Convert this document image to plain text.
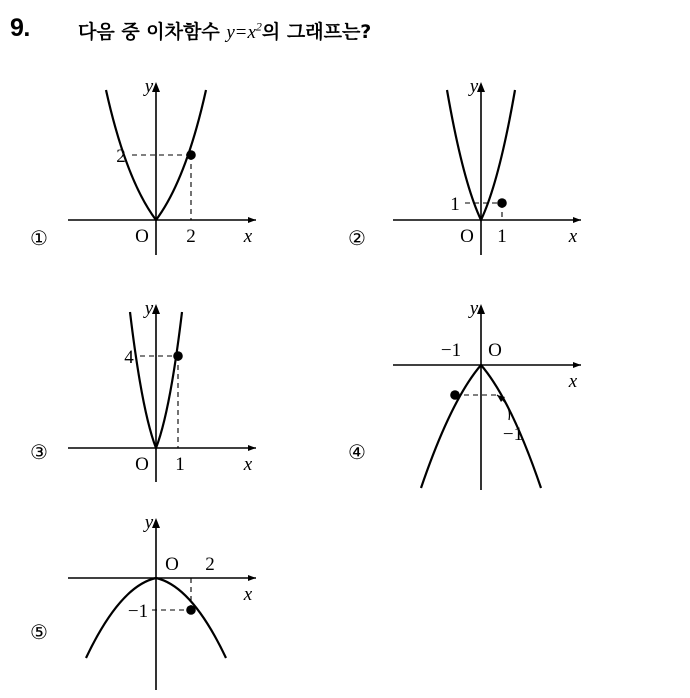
9.	다음 중 이차함수 $y=x^2$의 그래프는?
①
y
x
O
2
2	②
y
x
O
1
1
③
y
x
O
4
1
④
y
x
O
−1
−1
⑤
y
x
O 2
−1
